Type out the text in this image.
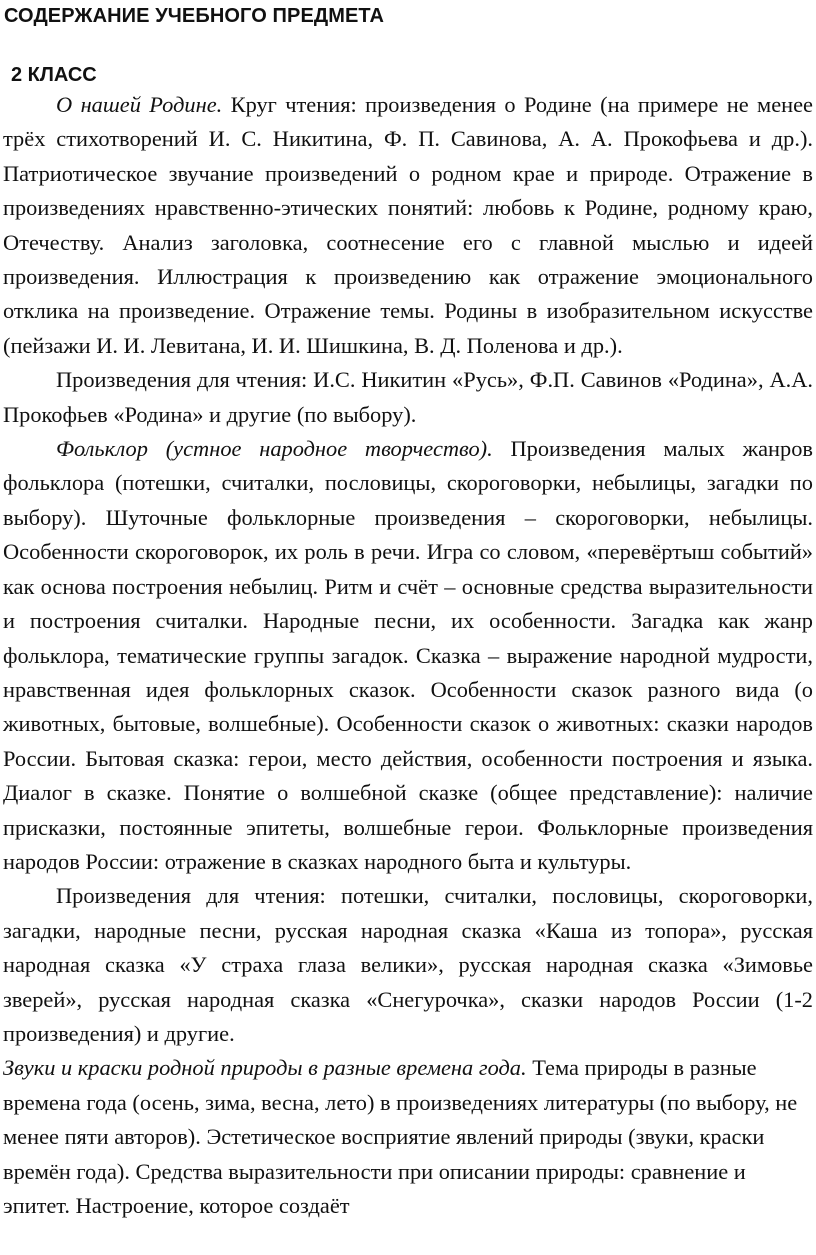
СОДЕРЖАНИЕ УЧЕБНОГО ПРЕДМЕТА
2 КЛАСС

О нашей Родине. Круг чтения: произведения о Родине (на примере не менее трёх стихотворений И. С. Никитина, Ф. П. Савинова, А. А. Прокофьева и др.). Патриотическое звучание произведений о родном крае и природе. Отражение в произведениях нравственно-этических понятий: любовь к Родине, родному краю, Отечеству. Анализ заголовка, соотнесение его с главной мыслью и идеей произведения. Иллюстрация к произведению как отражение эмоционального отклика на произведение. Отражение темы. Родины в изобразительном искусстве (пейзажи И. И. Левитана, И. И. Шишкина, В. Д. Поленова и др.).

Произведения для чтения: И.С. Никитин «Русь», Ф.П. Савинов «Родина», А.А. Прокофьев «Родина» и другие (по выбору).

Фольклор (устное народное творчество). Произведения малых жанров фольклора (потешки, считалки, пословицы, скороговорки, небылицы, загадки по выбору). Шуточные фольклорные произведения – скороговорки, небылицы. Особенности скороговорок, их роль в речи. Игра со словом, «перевёртыш событий» как основа построения небылиц. Ритм и счёт – основные средства выразительности и построения считалки. Народные песни, их особенности. Загадка как жанр фольклора, тематические группы загадок. Сказка – выражение народной мудрости, нравственная идея фольклорных сказок. Особенности сказок разного вида (о животных, бытовые, волшебные). Особенности сказок о животных: сказки народов России. Бытовая сказка: герои, место действия, особенности построения и языка. Диалог в сказке. Понятие о волшебной сказке (общее представление): наличие присказки, постоянные эпитеты, волшебные герои. Фольклорные произведения народов России: отражение в сказках народного быта и культуры.

Произведения для чтения: потешки, считалки, пословицы, скороговорки, загадки, народные песни, русская народная сказка «Каша из топора», русская народная сказка «У страха глаза велики», русская народная сказка «Зимовье зверей», русская народная сказка «Снегурочка», сказки народов России (1-2 произведения) и другие.

Звуки и краски родной природы в разные времена года. Тема природы в разные времена года (осень, зима, весна, лето) в произведениях литературы (по выбору, не менее пяти авторов). Эстетическое восприятие явлений природы (звуки, краски времён года). Средства выразительности при описании природы: сравнение и эпитет. Настроение, которое создаёт
